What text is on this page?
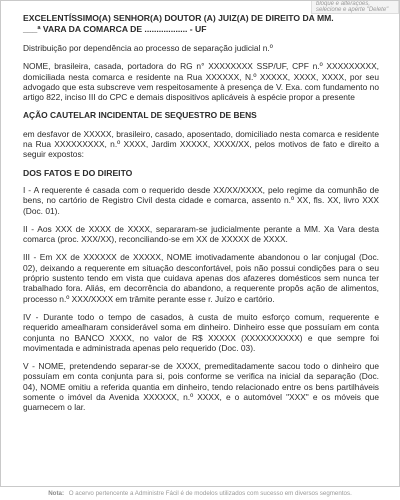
bloque e alterações, selecione e aperte "Delete"
EXCELENTÍSSIMO(A) SENHOR(A) DOUTOR (A) JUIZ(A) DE DIREITO DA MM.
___ª VARA DA COMARCA DE .................. - UF

Distribuição por dependência ao processo de separação judicial n.º

NOME, brasileira, casada, portadora do RG n° XXXXXXXX SSP/UF, CPF n.º XXXXXXXXX, domiciliada nesta comarca e residente na Rua XXXXXX, N.º XXXXX, XXXX, XXXX, por seu advogado que esta subscreve vem respeitosamente à presença de V. Exa. com fundamento no artigo 822, inciso III do CPC e demais dispositivos aplicáveis à espécie propor a presente

AÇÃO CAUTELAR INCIDENTAL DE SEQUESTRO DE BENS

em desfavor de XXXXX, brasileiro, casado, aposentado, domiciliado nesta comarca e residente na Rua XXXXXXXXX, n.º XXXX, Jardim XXXXX, XXXX/XX, pelos motivos de fato e direito a seguir expostos:

DOS FATOS E DO DIREITO

I - A requerente é casada com o requerido desde XX/XX/XXXX, pelo regime da comunhão de bens, no cartório de Registro Civil desta cidade e comarca, assento n.º XX, fls. XX, livro XXX (Doc. 01).

II - Aos XXX de XXXX de XXXX, separaram-se judicialmente perante a MM. Xa Vara desta comarca (proc. XXX/XX), reconciliando-se em XX de XXXXX de XXXX.

III - Em XX de XXXXXX de XXXXX, NOME imotivadamente abandonou o lar conjugal (Doc. 02), deixando a requerente em situação desconfortável, pois não possui condições para o seu próprio sustento tendo em vista que cuidava apenas dos afazeres domésticos sem nunca ter trabalhado fora. Aliás, em decorrência do abandono, a requerente propôs ação de alimentos, processo n.º XXX/XXXX em trâmite perante esse r. Juízo e cartório.

IV - Durante todo o tempo de casados, à custa de muito esforço comum, requerente e requerido amealharam considerável soma em dinheiro. Dinheiro esse que possuíam em conta conjunta no BANCO XXXX, no valor de R$ XXXXX (XXXXXXXXXX) e que sempre foi movimentada e administrada apenas pelo requerido (Doc. 03).

V - NOME, pretendendo separar-se de XXXX, premeditadamente sacou todo o dinheiro que possuíam em conta conjunta para si, pois conforme se verifica na inicial da separação (Doc. 04), NOME omitiu a referida quantia em dinheiro, tendo relacionado entre os bens partilháveis somente o imóvel da Avenida XXXXXX, n.º XXXX, e o automóvel "XXX" e os móveis que guarnecem o lar.

Nota: O acervo pertencente a Administre Fácil é de modelos utilizados com sucesso em diversos segmentos.
